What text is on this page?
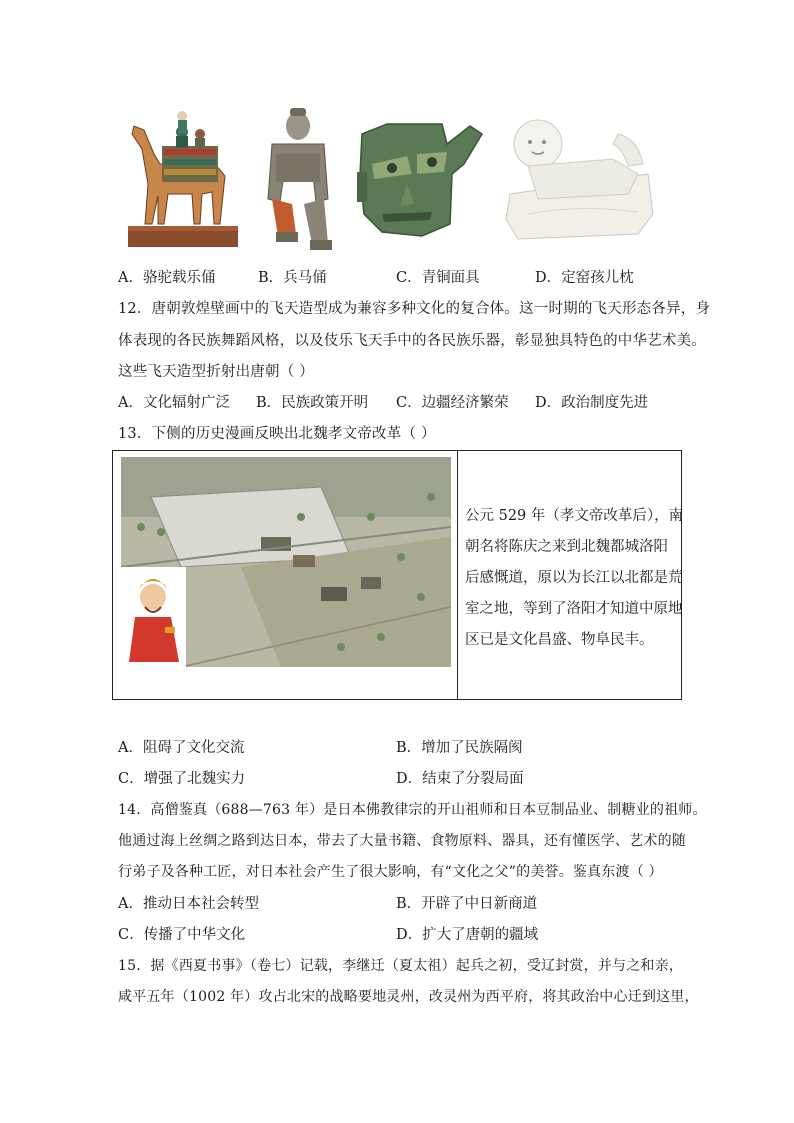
A．骆驼载乐俑	B．兵马俑	C．青铜面具	D．定窑孩儿枕
12．唐朝敦煌壁画中的飞天造型成为兼容多种文化的复合体。这一时期的飞天形态各异，身
体表现的各民族舞蹈风格，以及伎乐飞天手中的各民族乐器，彰显独具特色的中华艺术美。
这些飞天造型折射出唐朝（ ）
A．文化辐射广泛 B．民族政策开明 C．边疆经济繁荣 D．政治制度先进
13．下侧的历史漫画反映出北魏孝文帝改革（ ）
公元 529 年（孝文帝改革后），南
朝名将陈庆之来到北魏都城洛阳
后感慨道，原以为长江以北都是荒
室之地，等到了洛阳才知道中原地
区已是文化昌盛、物阜民丰。
A．阻碍了文化交流	B．增加了民族隔阂
C．增强了北魏实力	D．结束了分裂局面
14．高僧鉴真（688—763 年）是日本佛教律宗的开山祖师和日本豆制品业、制糖业的祖师。
他通过海上丝绸之路到达日本，带去了大量书籍、食物原料、器具，还有懂医学、艺术的随
行弟子及各种工匠，对日本社会产生了很大影响，有“文化之父”的美誉。鉴真东渡（ ）
A．推动日本社会转型	B．开辟了中日新商道
C．传播了中华文化	D．扩大了唐朝的疆域
15．据《西夏书事》（卷七）记载，李继迁（夏太祖）起兵之初，受辽封赏，并与之和亲，
咸平五年（1002 年）攻占北宋的战略要地灵州，改灵州为西平府，将其政治中心迁到这里，
